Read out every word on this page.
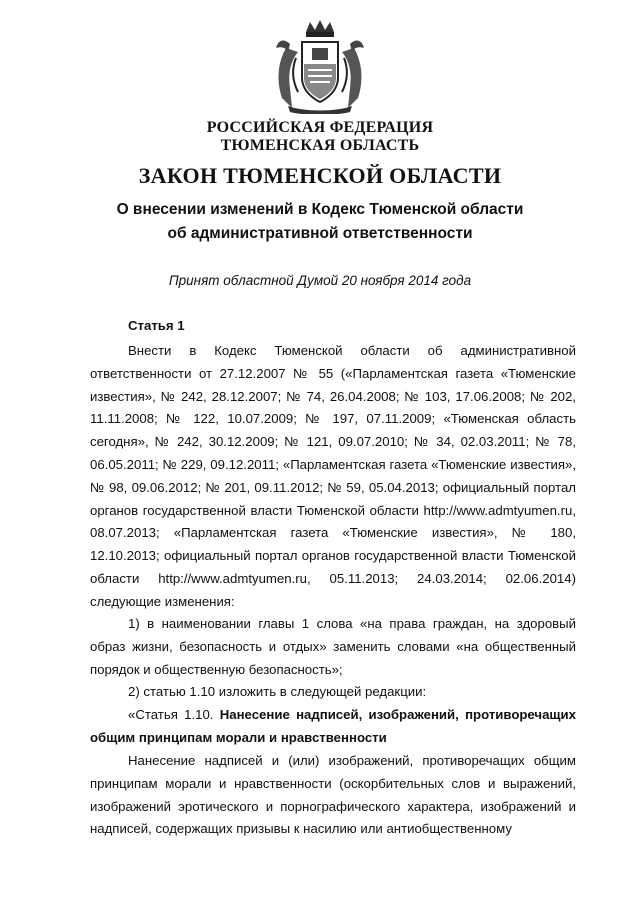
РОССИЙСКАЯ ФЕДЕРАЦИЯ
ТЮМЕНСКАЯ ОБЛАСТЬ
ЗАКОН ТЮМЕНСКОЙ ОБЛАСТИ
О внесении изменений в Кодекс Тюменской области
об административной ответственности
Принят областной Думой 20 ноября 2014 года
Статья 1
Внести в Кодекс Тюменской области об административной ответственности от 27.12.2007 № 55 («Парламентская газета «Тюменские известия», № 242, 28.12.2007; № 74, 26.04.2008; № 103, 17.06.2008; № 202, 11.11.2008; № 122, 10.07.2009; № 197, 07.11.2009; «Тюменская область сегодня», № 242, 30.12.2009; № 121, 09.07.2010; № 34, 02.03.2011; № 78, 06.05.2011; № 229, 09.12.2011; «Парламентская газета «Тюменские известия», № 98, 09.06.2012; № 201, 09.11.2012; № 59, 05.04.2013; официальный портал органов государственной власти Тюменской области http://www.admtyumen.ru, 08.07.2013; «Парламентская газета «Тюменские известия», № 180, 12.10.2013; официальный портал органов государственной власти Тюменской области http://www.admtyumen.ru, 05.11.2013; 24.03.2014; 02.06.2014) следующие изменения:
1) в наименовании главы 1 слова «на права граждан, на здоровый образ жизни, безопасность и отдых» заменить словами «на общественный порядок и общественную безопасность»;
2) статью 1.10 изложить в следующей редакции:
«Статья 1.10. Нанесение надписей, изображений, противоречащих общим принципам морали и нравственности
Нанесение надписей и (или) изображений, противоречащих общим принципам морали и нравственности (оскорбительных слов и выражений, изображений эротического и порнографического характера, изображений и надписей, содержащих призывы к насилию или антиобщественному
